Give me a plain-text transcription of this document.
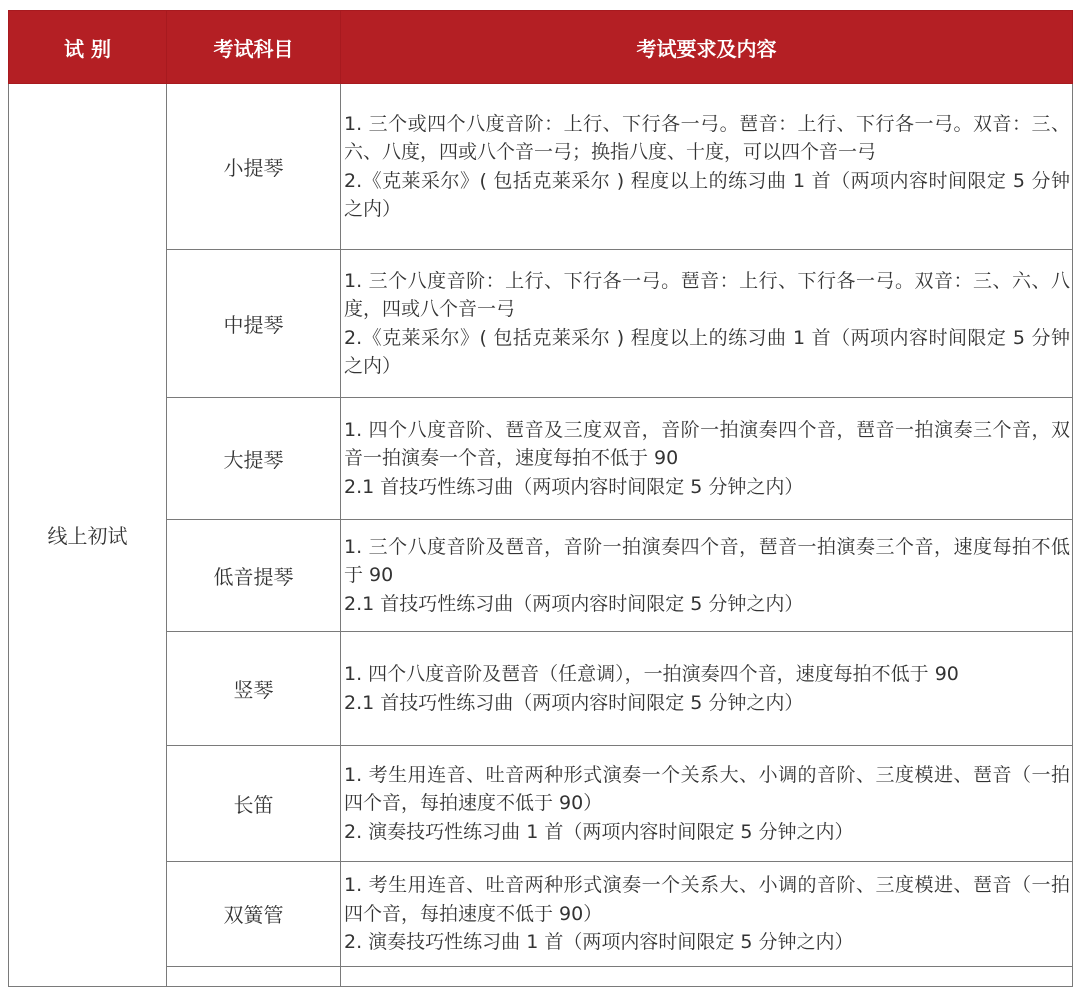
试 别	考试科目	考试要求及内容
线上初试	小提琴	1. 三个或四个八度音阶：上行、下行各一弓。琶音：上行、下行各一弓。双音：三、六、八度，四或八个音一弓；换指八度、十度，可以四个音一弓
2.《克莱采尔》( 包括克莱采尔 ) 程度以上的练习曲 1 首（两项内容时间限定 5 分钟之内）

	中提琴	1. 三个八度音阶：上行、下行各一弓。琶音：上行、下行各一弓。双音：三、六、八度，四或八个音一弓
2.《克莱采尔》( 包括克莱采尔 ) 程度以上的练习曲 1 首（两项内容时间限定 5 分钟之内）

	大提琴	1. 四个八度音阶、琶音及三度双音，音阶一拍演奏四个音，琶音一拍演奏三个音，双音一拍演奏一个音，速度每拍不低于 90
2.1 首技巧性练习曲（两项内容时间限定 5 分钟之内）

	低音提琴	1. 三个八度音阶及琶音，音阶一拍演奏四个音，琶音一拍演奏三个音，速度每拍不低于 90
2.1 首技巧性练习曲（两项内容时间限定 5 分钟之内）

	竖琴	1. 四个八度音阶及琶音（任意调），一拍演奏四个音，速度每拍不低于 90
2.1 首技巧性练习曲（两项内容时间限定 5 分钟之内）

	长笛	1. 考生用连音、吐音两种形式演奏一个关系大、小调的音阶、三度模进、琶音（一拍四个音，每拍速度不低于 90）
2. 演奏技巧性练习曲 1 首（两项内容时间限定 5 分钟之内）

	双簧管	1. 考生用连音、吐音两种形式演奏一个关系大、小调的音阶、三度模进、琶音（一拍四个音，每拍速度不低于 90）
2. 演奏技巧性练习曲 1 首（两项内容时间限定 5 分钟之内）
